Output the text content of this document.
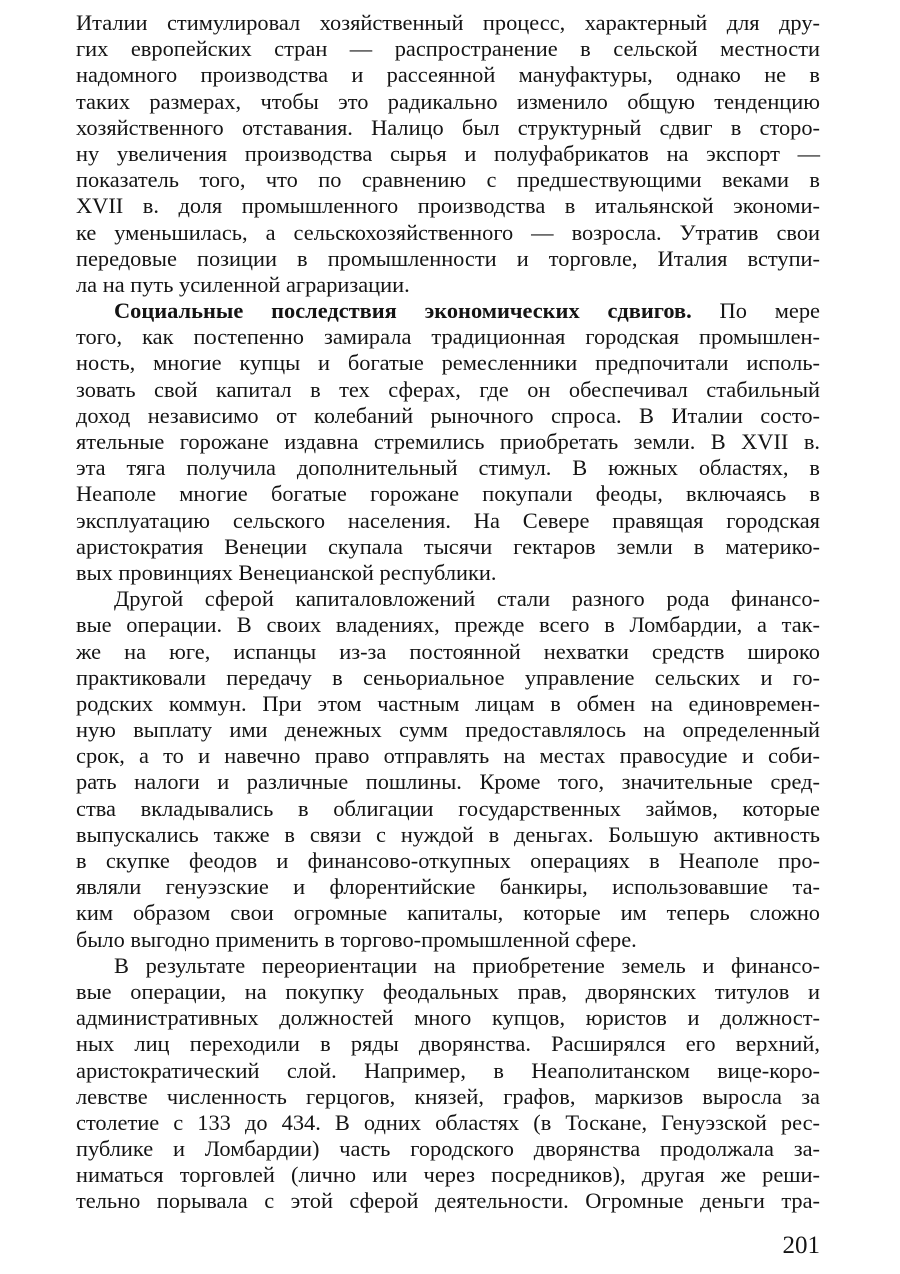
Италии стимулировал хозяйственный процесс, характерный для дру-
гих европейских стран — распространение в сельской местности
надомного производства и рассеянной мануфактуры, однако не в
таких размерах, чтобы это радикально изменило общую тенденцию
хозяйственного отставания. Налицо был структурный сдвиг в сторо-
ну увеличения производства сырья и полуфабрикатов на экспорт —
показатель того, что по сравнению с предшествующими веками в
XVII в. доля промышленного производства в итальянской экономи-
ке уменьшилась, а сельскохозяйственного — возросла. Утратив свои
передовые позиции в промышленности и торговле, Италия вступи-
ла на путь усиленной аграризации.
Социальные последствия экономических сдвигов. По мере
того, как постепенно замирала традиционная городская промышлен-
ность, многие купцы и богатые ремесленники предпочитали исполь-
зовать свой капитал в тех сферах, где он обеспечивал стабильный
доход независимо от колебаний рыночного спроса. В Италии состо-
ятельные горожане издавна стремились приобретать земли. В XVII в.
эта тяга получила дополнительный стимул. В южных областях, в
Неаполе многие богатые горожане покупали феоды, включаясь в
эксплуатацию сельского населения. На Севере правящая городская
аристократия Венеции скупала тысячи гектаров земли в материко-
вых провинциях Венецианской республики.
Другой сферой капиталовложений стали разного рода финансо-
вые операции. В своих владениях, прежде всего в Ломбардии, а так-
же на юге, испанцы из-за постоянной нехватки средств широко
практиковали передачу в сеньориальное управление сельских и го-
родских коммун. При этом частным лицам в обмен на единовремен-
ную выплату ими денежных сумм предоставлялось на определенный
срок, а то и навечно право отправлять на местах правосудие и соби-
рать налоги и различные пошлины. Кроме того, значительные сред-
ства вкладывались в облигации государственных займов, которые
выпускались также в связи с нуждой в деньгах. Большую активность
в скупке феодов и финансово-откупных операциях в Неаполе про-
являли генуэзские и флорентийские банкиры, использовавшие та-
ким образом свои огромные капиталы, которые им теперь сложно
было выгодно применить в торгово-промышленной сфере.
В результате переориентации на приобретение земель и финансо-
вые операции, на покупку феодальных прав, дворянских титулов и
административных должностей много купцов, юристов и должност-
ных лиц переходили в ряды дворянства. Расширялся его верхний,
аристократический слой. Например, в Неаполитанском вице-коро-
левстве численность герцогов, князей, графов, маркизов выросла за
столетие с 133 до 434. В одних областях (в Тоскане, Генуэзской рес-
публике и Ломбардии) часть городского дворянства продолжала за-
ниматься торговлей (лично или через посредников), другая же реши-
тельно порывала с этой сферой деятельности. Огромные деньги тра-
201
